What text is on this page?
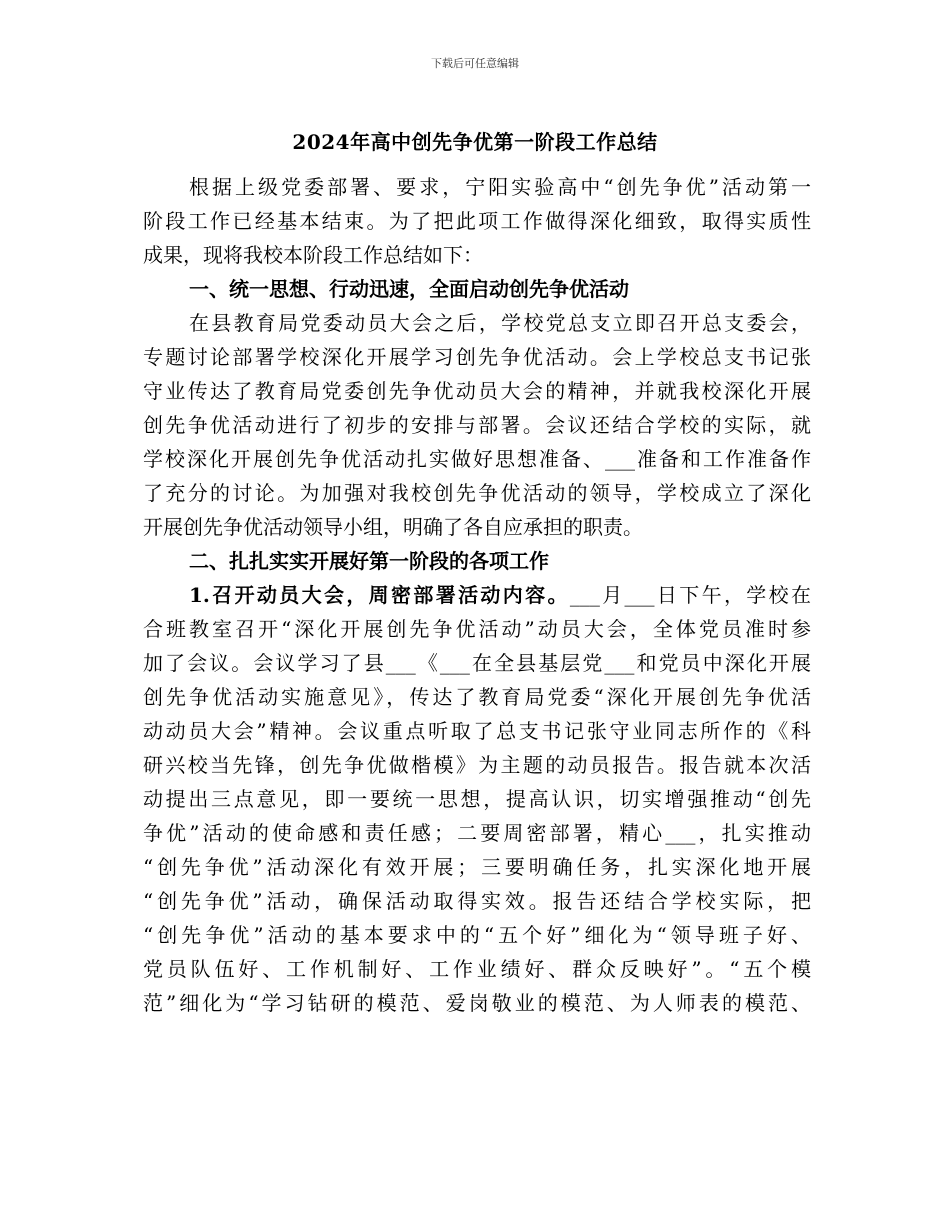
下载后可任意编辑
2024年高中创先争优第一阶段工作总结
根据上级党委部署、要求，宁阳实验高中“创先争优”活动第一
阶段工作已经基本结束。为了把此项工作做得深化细致，取得实质性
成果，现将我校本阶段工作总结如下：
一、统一思想、行动迅速，全面启动创先争优活动
在县教育局党委动员大会之后，学校党总支立即召开总支委会，
专题讨论部署学校深化开展学习创先争优活动。会上学校总支书记张
守业传达了教育局党委创先争优动员大会的精神，并就我校深化开展
创先争优活动进行了初步的安排与部署。会议还结合学校的实际，就
学校深化开展创先争优活动扎实做好思想准备、___准备和工作准备作
了充分的讨论。为加强对我校创先争优活动的领导，学校成立了深化
开展创先争优活动领导小组，明确了各自应承担的职责。
二、扎扎实实开展好第一阶段的各项工作
1.召开动员大会，周密部署活动内容。___月___日下午，学校在
合班教室召开“深化开展创先争优活动”动员大会，全体党员准时参
加了会议。会议学习了县___《___在全县基层党___和党员中深化开展
创先争优活动实施意见》，传达了教育局党委“深化开展创先争优活
动动员大会”精神。会议重点听取了总支书记张守业同志所作的《科
研兴校当先锋，创先争优做楷模》为主题的动员报告。报告就本次活
动提出三点意见，即一要统一思想，提高认识，切实增强推动“创先
争优”活动的使命感和责任感；二要周密部署，精心___，扎实推动
“创先争优”活动深化有效开展；三要明确任务，扎实深化地开展
“创先争优”活动，确保活动取得实效。报告还结合学校实际，把
“创先争优”活动的基本要求中的“五个好”细化为“领导班子好、
党员队伍好、工作机制好、工作业绩好、群众反映好”。“五个模
范”细化为“学习钻研的模范、爱岗敬业的模范、为人师表的模范、
